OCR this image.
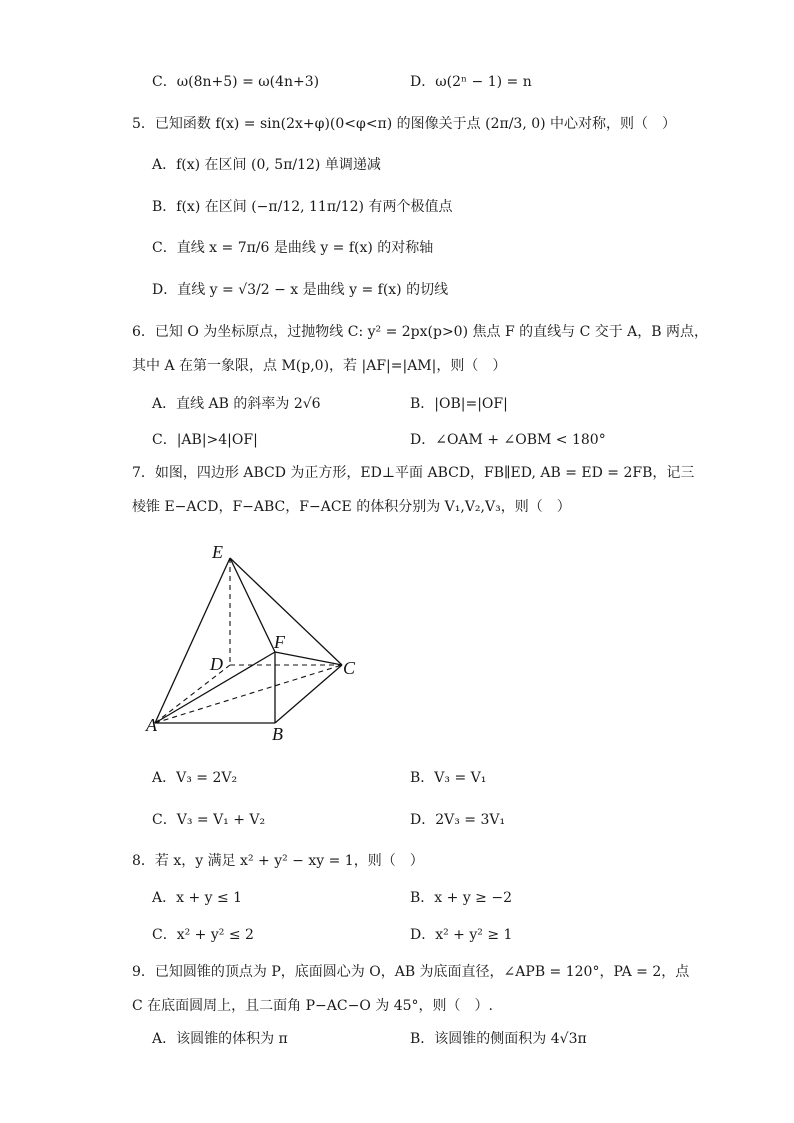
C．ω(8n+5) = ω(4n+3)	D．ω(2ⁿ − 1) = n
5．已知函数 f(x) = sin(2x+φ)(0<φ<π) 的图像关于点 (2π/3, 0) 中心对称，则（　）
A．f(x) 在区间 (0, 5π/12) 单调递减
B．f(x) 在区间 (−π/12, 11π/12) 有两个极值点
C．直线 x = 7π/6 是曲线 y = f(x) 的对称轴
D．直线 y = √3/2 − x 是曲线 y = f(x) 的切线
6．已知 O 为坐标原点，过抛物线 C: y² = 2px(p>0) 焦点 F 的直线与 C 交于 A，B 两点，
其中 A 在第一象限，点 M(p,0)，若 |AF|=|AM|，则（　）
A．直线 AB 的斜率为 2√6	B．|OB|=|OF|
C．|AB|>4|OF|	D．∠OAM + ∠OBM < 180°
7．如图，四边形 ABCD 为正方形，ED⊥平面 ABCD，FB∥ED, AB = ED = 2FB，记三
棱锥 E−ACD，F−ABC，F−ACE 的体积分别为 V₁,V₂,V₃，则（　）
E
D
F
C
A	B
A．V₃ = 2V₂	B．V₃ = V₁
C．V₃ = V₁ + V₂	D．2V₃ = 3V₁
8．若 x，y 满足 x² + y² − xy = 1，则（　）
A．x + y ≤ 1	B．x + y ≥ −2
C．x² + y² ≤ 2	D．x² + y² ≥ 1
9．已知圆锥的顶点为 P，底面圆心为 O，AB 为底面直径，∠APB = 120°，PA = 2，点
C 在底面圆周上，且二面角 P−AC−O 为 45°，则（　）.
A．该圆锥的体积为 π	B．该圆锥的侧面积为 4√3π
